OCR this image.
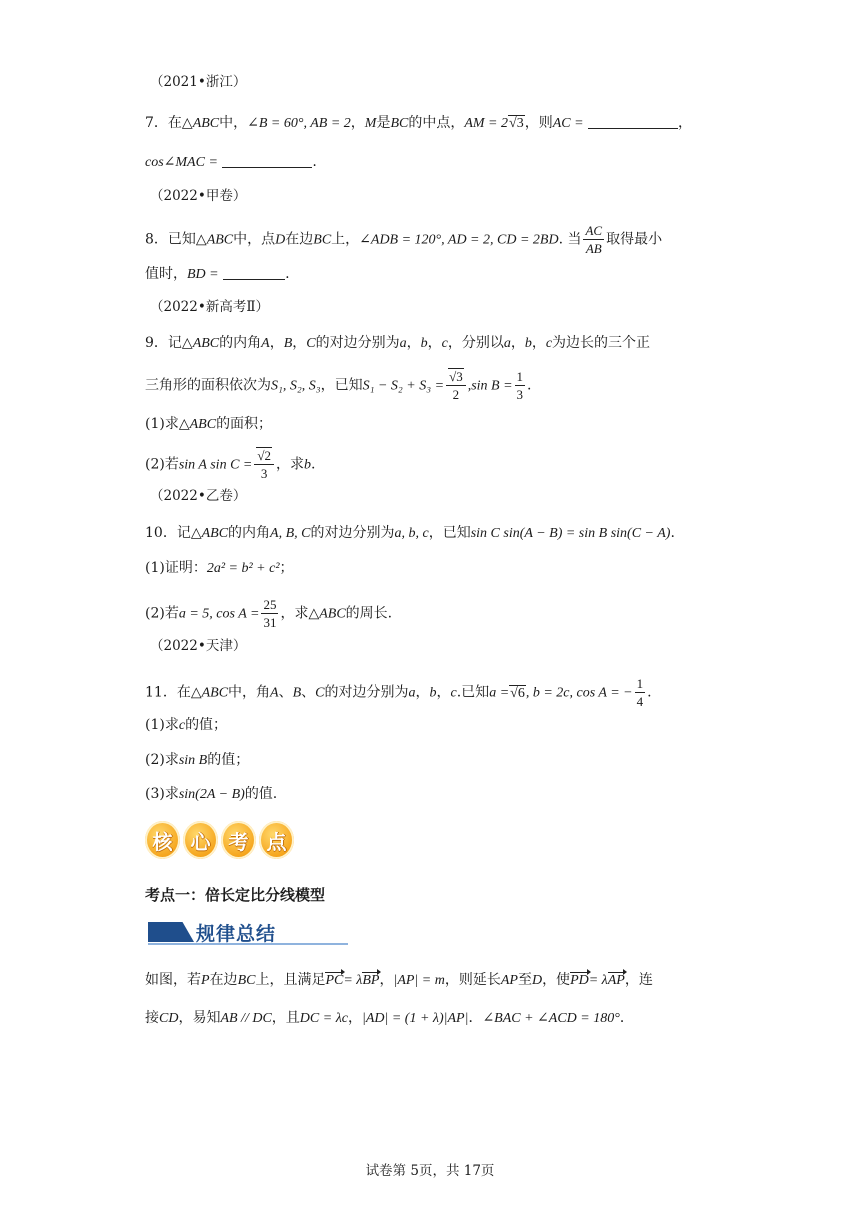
（2021•浙江）
（2022•甲卷）
（2022•新高考Ⅱ）
（2022•乙卷）
（2022•天津）
7．在△ABC中，∠B = 60°, AB = 2，M是BC的中点，AM = 2√3，则AC =	，
cos∠MAC =	.
8．已知△ABC中，点D在边BC上，∠ADB = 120°, AD = 2, CD = 2BD. 当 $\frac{AC}{AB}$ 取得最小
值时，BD =	.
9．记△ABC的内角A，B，C的对边分别为a，b，c，分别以a，b，c为边长的三个正
三角形的面积依次为S₁, S₂, S₃，已知$S_1 - S_2 + S_3 = \frac{√3}{2} ,\sin$ $B = \frac{1}{3}$ .
(1)求△ABC的面积；
(2)若sin A $\sin C = \frac{√2}{3}$ ，求b.
10．记△ABC的内角A, B, C的对边分别为a, b, c，已知sin C sin(A − B) = sin B sin(C − A).
(1)证明：2a² = b² + c²；
(2)若a = 5, $\cos A = \frac{25}{31}$ ，求△ABC的周长.
11．在△ABC中，角A、B、C的对边分别为a，b，c.已知a =√6, b = 2c, cos A = − $\frac{1}{4}$ .
(1)求c的值；
(2)求sin B的值；
(3)求sin(2A − B)的值.
核 心 考 点
考点一：倍长定比分线模型
规律总结
如图，若P在边BC上，且满足PC= λBP，|AP| = m，则延长AP至D，使PD= λAP，连
接CD，易知AB // DC，且DC = λc，|AD| = (1 + λ)|AP|．∠BAC + ∠ACD = 180°．
试卷第 5页，共 17页
